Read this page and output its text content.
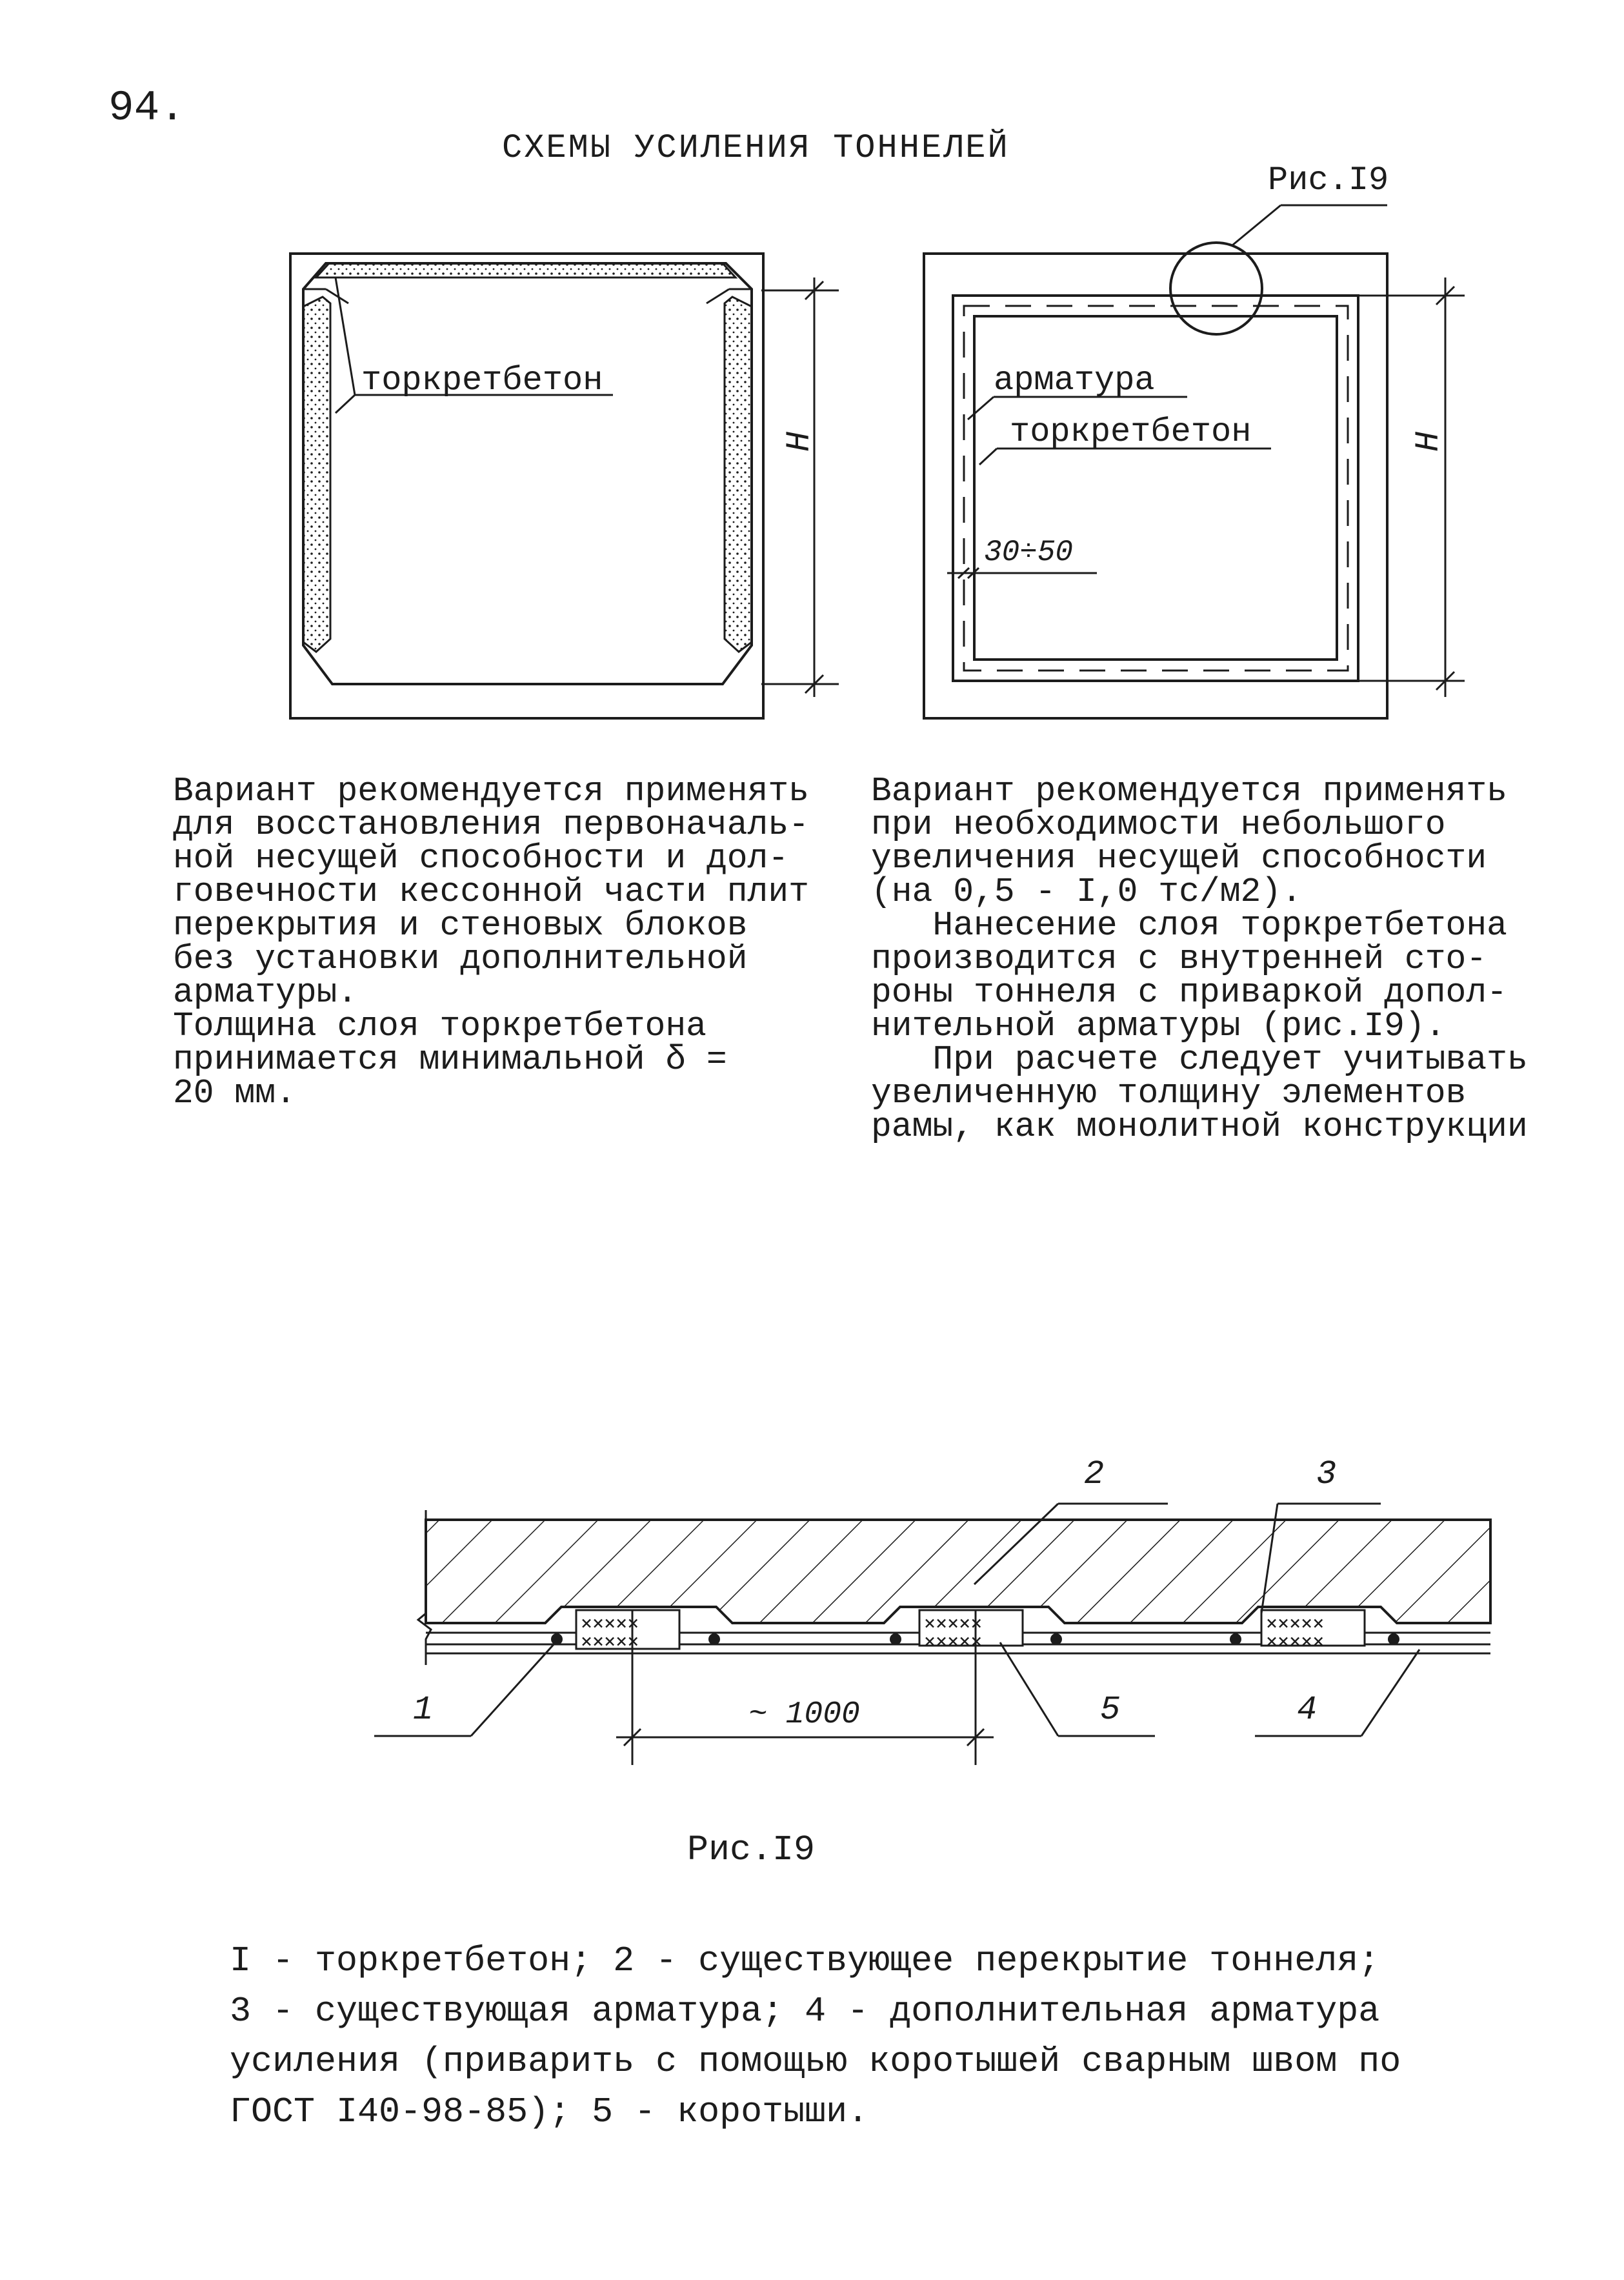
94.
СХЕМЫ УСИЛЕНИЯ ТОННЕЛЕЙ
×××××
×××××
×××××
×××××
×××××
×××××
торкретбетон
H
Рис.I9
арматура
торкретбетон
30÷50
H
Вариант рекомендуется применять
для восстановления первоначаль-
ной несущей способности и дол-
говечности кессонной части плит
перекрытия и стеновых блоков
без установки дополнительной
арматуры.
Толщина слоя торкретбетона
принимается минимальной δ =
20 мм.
Вариант рекомендуется применять
при необходимости небольшого
увеличения несущей способности
(на 0,5 - I,0 тс/м2).
Нанесение слоя торкретбетона
производится с внутренней сто-
роны тоннеля с приваркой допол-
нительной арматуры (рис.I9).
При расчете следует учитывать
увеличенную толщину элементов
рамы, как монолитной конструкции
2	3
1	5	4
~ 1000
Рис.I9
I - торкретбетон; 2 - существующее перекрытие тоннеля;
3 - существующая арматура; 4 - дополнительная арматура
усиления (приварить с помощью коротышей сварным швом по
ГОСТ I40-98-85); 5 - коротыши.
